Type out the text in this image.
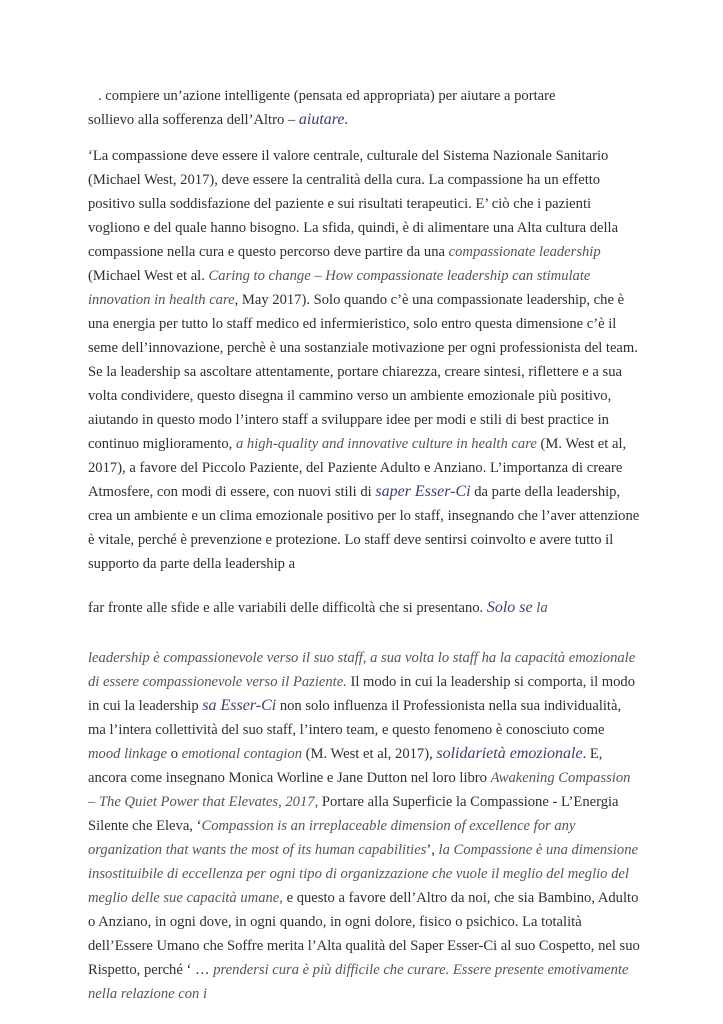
. compiere un’azione intelligente (pensata ed appropriata) per aiutare a portare
sollievo alla sofferenza dell’Altro – aiutare.

‘La compassione deve essere il valore centrale, culturale del Sistema Nazionale Sanitario (Michael West, 2017), deve essere la centralità della cura. La compassione ha un effetto positivo sulla soddisfazione del paziente e sui risultati terapeutici. E’ ciò che i pazienti vogliono e del quale hanno bisogno. La sfida, quindi, è di alimentare una Alta cultura della compassione nella cura e questo percorso deve partire da una compassionate leadership (Michael West et al. Caring to change – How compassionate leadership can stimulate innovation in health care, May 2017). Solo quando c’è una compassionate leadership, che è una energia per tutto lo staff medico ed infermieristico, solo entro questa dimensione c’è il seme dell’innovazione, perchè è una sostanziale motivazione per ogni professionista del team. Se la leadership sa ascoltare attentamente, portare chiarezza, creare sintesi, riflettere e a sua volta condividere, questo disegna il cammino verso un ambiente emozionale più positivo, aiutando in questo modo l’intero staff a sviluppare idee per modi e stili di best practice in continuo miglioramento, a high-quality and innovative culture in health care (M. West et al, 2017), a favore del Piccolo Paziente, del Paziente Adulto e Anziano. L’importanza di creare Atmosfere, con modi di essere, con nuovi stili di saper Esser-Ci da parte della leadership, crea un ambiente e un clima emozionale positivo per lo staff, insegnando che l’aver attenzione è vitale, perché è prevenzione e protezione. Lo staff deve sentirsi coinvolto e avere tutto il supporto da parte della leadership a

far fronte alle sfide e alle variabili delle difficoltà che si presentano. Solo se la

leadership è compassionevole verso il suo staff, a sua volta lo staff ha la capacità emozionale di essere compassionevole verso il Paziente. Il modo in cui la leadership si comporta, il modo in cui la leadership sa Esser-Ci non solo influenza il Professionista nella sua individualità, ma l’intera collettività del suo staff, l’intero team, e questo fenomeno è conosciuto come mood linkage o emotional contagion (M. West et al, 2017), solidarietà emozionale. E, ancora come insegnano Monica Worline e Jane Dutton nel loro libro Awakening Compassion – The Quiet Power that Elevates, 2017, Portare alla Superficie la Compassione - L’Energia Silente che Eleva, ‘Compassion is an irreplaceable dimension of excellence for any organization that wants the most of its human capabilities’, la Compassione è una dimensione insostituibile di eccellenza per ogni tipo di organizzazione che vuole il meglio del meglio del meglio delle sue capacità umane, e questo a favore dell’Altro da noi, che sia Bambino, Adulto o Anziano, in ogni dove, in ogni quando, in ogni dolore, fisico o psichico. La totalità dell’Essere Umano che Soffre merita l’Alta qualità del Saper Esser-Ci al suo Cospetto, nel suo Rispetto, perché ‘ … prendersi cura è più difficile che curare. Essere presente emotivamente nella relazione con i
